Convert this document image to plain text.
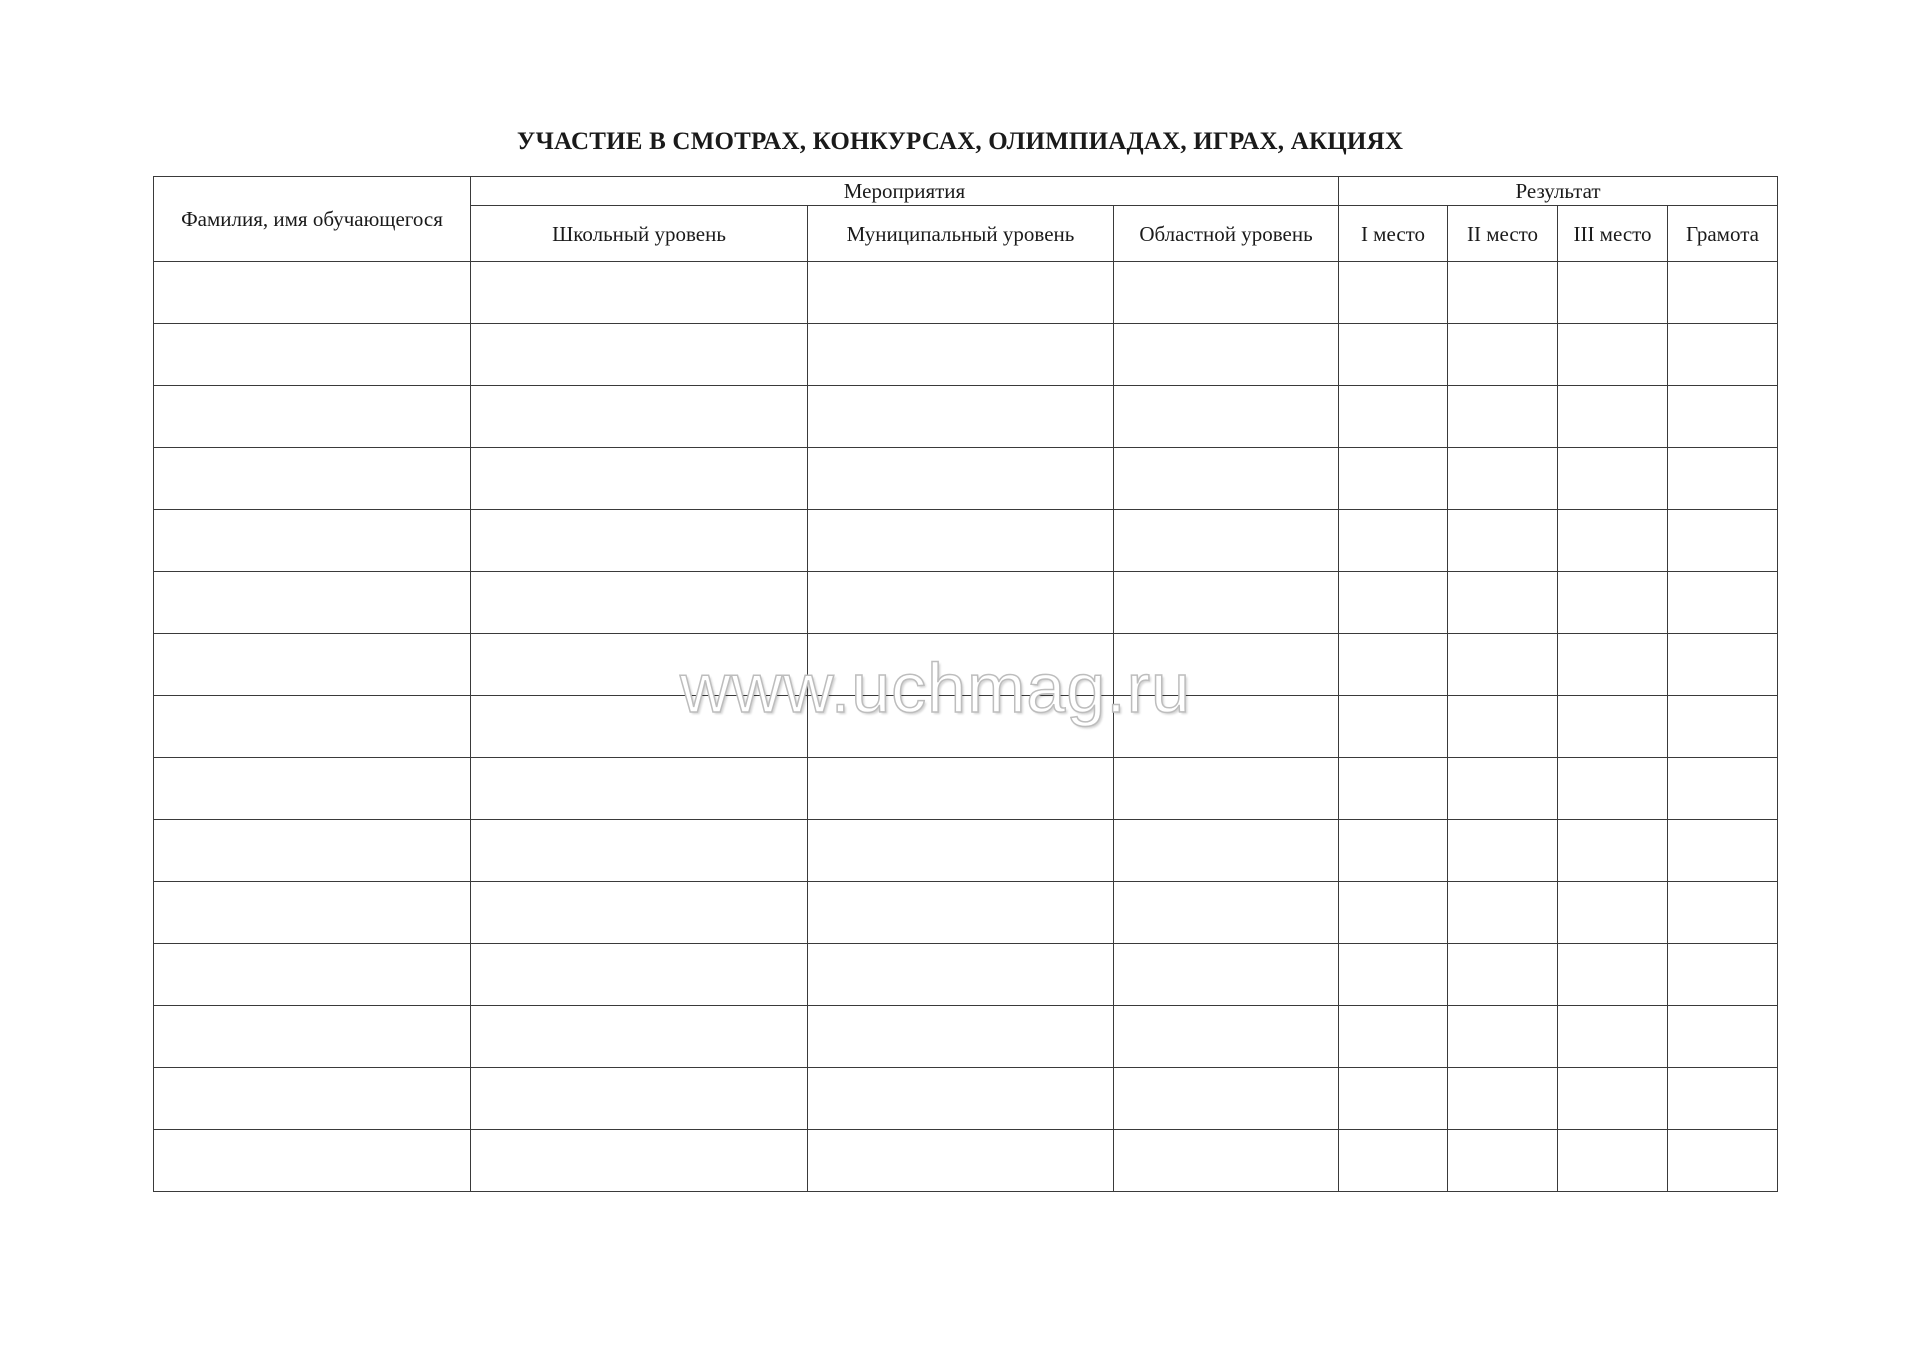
УЧАСТИЕ В СМОТРАХ, КОНКУРСАХ, ОЛИМПИАДАХ, ИГРАХ, АКЦИЯХ
Фамилия, имя обучающегося	Мероприятия			Результат			
	Школьный уровень	Муниципальный уровень	Областной уровень	I место	II место	III место	Грамота

www.uchmag.ru
